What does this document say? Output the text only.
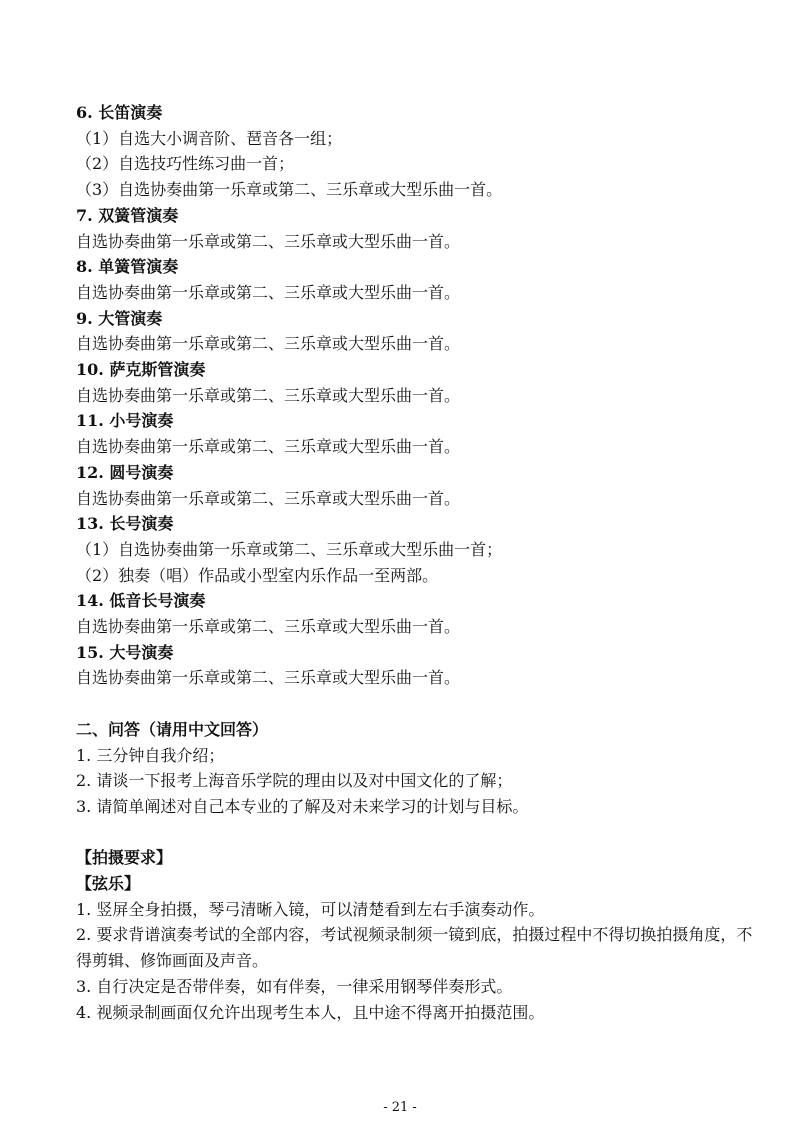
6. 长笛演奏
（1）自选大小调音阶、琶音各一组；
（2）自选技巧性练习曲一首；
（3）自选协奏曲第一乐章或第二、三乐章或大型乐曲一首。
7. 双簧管演奏
自选协奏曲第一乐章或第二、三乐章或大型乐曲一首。
8. 单簧管演奏
自选协奏曲第一乐章或第二、三乐章或大型乐曲一首。
9. 大管演奏
自选协奏曲第一乐章或第二、三乐章或大型乐曲一首。
10. 萨克斯管演奏
自选协奏曲第一乐章或第二、三乐章或大型乐曲一首。
11. 小号演奏
自选协奏曲第一乐章或第二、三乐章或大型乐曲一首。
12. 圆号演奏
自选协奏曲第一乐章或第二、三乐章或大型乐曲一首。
13. 长号演奏
（1）自选协奏曲第一乐章或第二、三乐章或大型乐曲一首；
（2）独奏（唱）作品或小型室内乐作品一至两部。
14. 低音长号演奏
自选协奏曲第一乐章或第二、三乐章或大型乐曲一首。
15. 大号演奏
自选协奏曲第一乐章或第二、三乐章或大型乐曲一首。
二、问答（请用中文回答）
1. 三分钟自我介绍；
2. 请谈一下报考上海音乐学院的理由以及对中国文化的了解；
3. 请简单阐述对自己本专业的了解及对未来学习的计划与目标。
【拍摄要求】
【弦乐】
1. 竖屏全身拍摄，琴弓清晰入镜，可以清楚看到左右手演奏动作。
2. 要求背谱演奏考试的全部内容，考试视频录制须一镜到底，拍摄过程中不得切换拍摄角度，不得剪辑、修饰画面及声音。
3. 自行决定是否带伴奏，如有伴奏，一律采用钢琴伴奏形式。
4. 视频录制画面仅允许出现考生本人，且中途不得离开拍摄范围。
- 21 -
